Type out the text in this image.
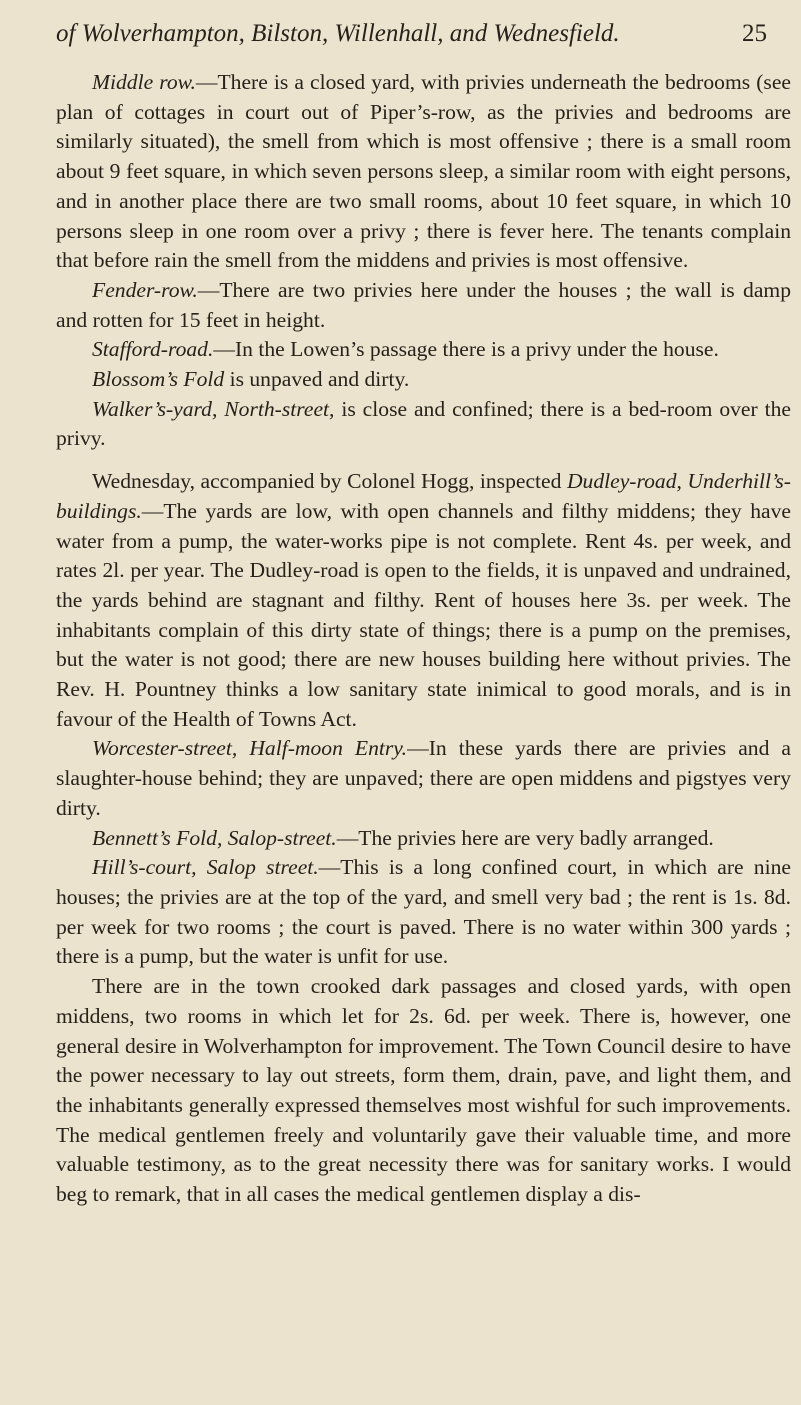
of Wolverhampton, Bilston, Willenhall, and Wednesfield.	25

Middle row.—There is a closed yard, with privies underneath the bedrooms (see plan of cottages in court out of Piper’s-row, as the privies and bedrooms are similarly situated), the smell from which is most offensive ; there is a small room about 9 feet square, in which seven persons sleep, a similar room with eight persons, and in another place there are two small rooms, about 10 feet square, in which 10 persons sleep in one room over a privy ; there is fever here. The tenants complain that before rain the smell from the middens and privies is most offensive.

Fender-row.—There are two privies here under the houses ; the wall is damp and rotten for 15 feet in height.

Stafford-road.—In the Lowen’s passage there is a privy under the house.

Blossom’s Fold is unpaved and dirty.

Walker’s-yard, North-street, is close and confined; there is a bed-room over the privy.

Wednesday, accompanied by Colonel Hogg, inspected Dudley-road, Underhill’s-buildings.—The yards are low, with open channels and filthy middens; they have water from a pump, the water-works pipe is not complete. Rent 4s. per week, and rates 2l. per year. The Dudley-road is open to the fields, it is unpaved and undrained, the yards behind are stagnant and filthy. Rent of houses here 3s. per week. The inhabitants complain of this dirty state of things; there is a pump on the premises, but the water is not good; there are new houses building here without privies. The Rev. H. Pountney thinks a low sanitary state inimical to good morals, and is in favour of the Health of Towns Act.

Worcester-street, Half-moon Entry.—In these yards there are privies and a slaughter-house behind; they are unpaved; there are open middens and pigstyes very dirty.

Bennett’s Fold, Salop-street.—The privies here are very badly arranged.

Hill’s-court, Salop street.—This is a long confined court, in which are nine houses; the privies are at the top of the yard, and smell very bad ; the rent is 1s. 8d. per week for two rooms ; the court is paved. There is no water within 300 yards ; there is a pump, but the water is unfit for use.

There are in the town crooked dark passages and closed yards, with open middens, two rooms in which let for 2s. 6d. per week. There is, however, one general desire in Wolverhampton for improvement. The Town Council desire to have the power necessary to lay out streets, form them, drain, pave, and light them, and the inhabitants generally expressed themselves most wishful for such improvements. The medical gentlemen freely and voluntarily gave their valuable time, and more valuable testimony, as to the great necessity there was for sanitary works. I would beg to remark, that in all cases the medical gentlemen display a dis-
